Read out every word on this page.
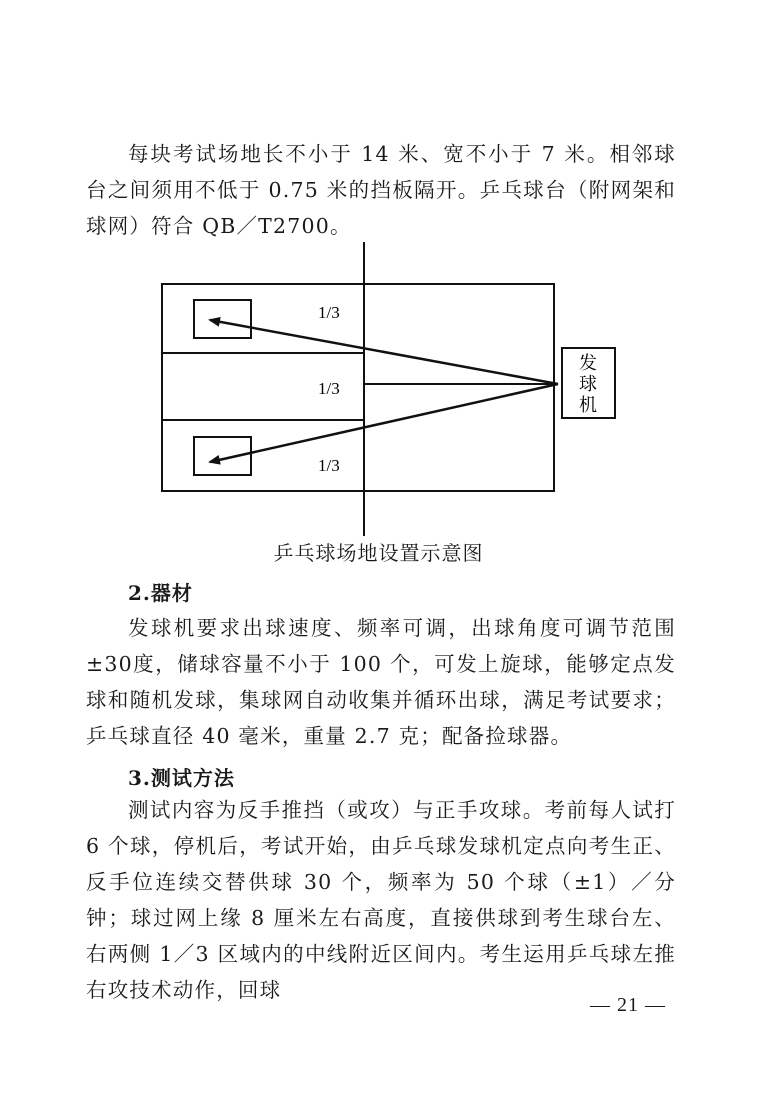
每块考试场地长不小于 14 米、宽不小于 7 米。相邻球台之间须用不低于 0.75 米的挡板隔开。乒乓球台（附网架和球网）符合 QB／T2700。

1/3
1/3
1/3
发
球
机
乒乓球场地设置示意图
2.器材

发球机要求出球速度、频率可调，出球角度可调节范围±30度，储球容量不小于 100 个，可发上旋球，能够定点发球和随机发球，集球网自动收集并循环出球，满足考试要求；乒乓球直径 40 毫米，重量 2.7 克；配备捡球器。

3.测试方法

测试内容为反手推挡（或攻）与正手攻球。考前每人试打 6 个球，停机后，考试开始，由乒乓球发球机定点向考生正、反手位连续交替供球 30 个，频率为 50 个球（±1）／分钟；球过网上缘 8 厘米左右高度，直接供球到考生球台左、右两侧 1／3 区域内的中线附近区间内。考生运用乒乓球左推右攻技术动作，回球

— 21 —
